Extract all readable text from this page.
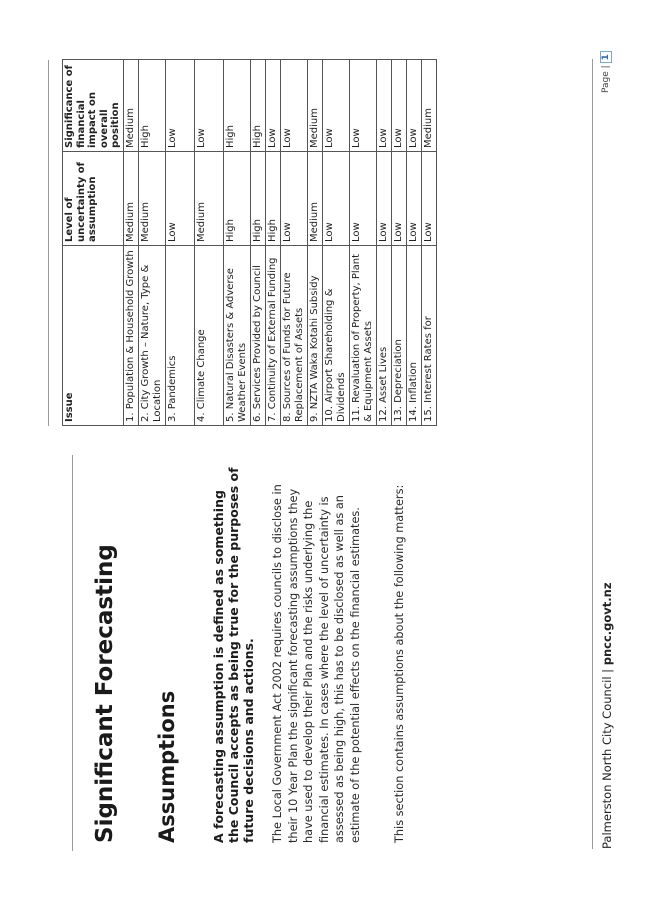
Significant Forecasting Assumptions	A forecasting assumption is defined as something the Council accepts as being true for the purposes of future decisions and actions. The Local Government Act 2002 requires councils to disclose in their 10 Year Plan the significant forecasting assumptions they have used to develop their Plan and the risks underlying the financial estimates. In cases where the level of uncertainty is assessed as being high, this has to be disclosed as well as an estimate of the potential effects on the financial estimates.	This section contains assumptions about the following matters:
Issue	Level of uncertainty of assumption	Significance of financial impact on overall position
1. Population & Household Growth	Medium	Medium
2. City Growth – Nature, Type & Location	Medium	High
3. Pandemics	Low	Low
4. Climate Change	Medium	Low
5. Natural Disasters & Adverse Weather Events	High	High
6. Services Provided by Council	High	High
7. Continuity of External Funding	High	Low
8. Sources of Funds for Future Replacement of Assets	Low	Low
9. NZTA Waka Kotahi Subsidy	Medium	Medium
10. Airport Shareholding & Dividends	Low	Low
11. Revaluation of Property, Plant & Equipment Assets	Low	Low
12. Asset Lives	Low	Low
13. Depreciation	Low	Low
14. Inflation	Low	Low
15. Interest Rates for	Low	Medium
Palmerston North City Council | pncc.govt.nz
Page |1
